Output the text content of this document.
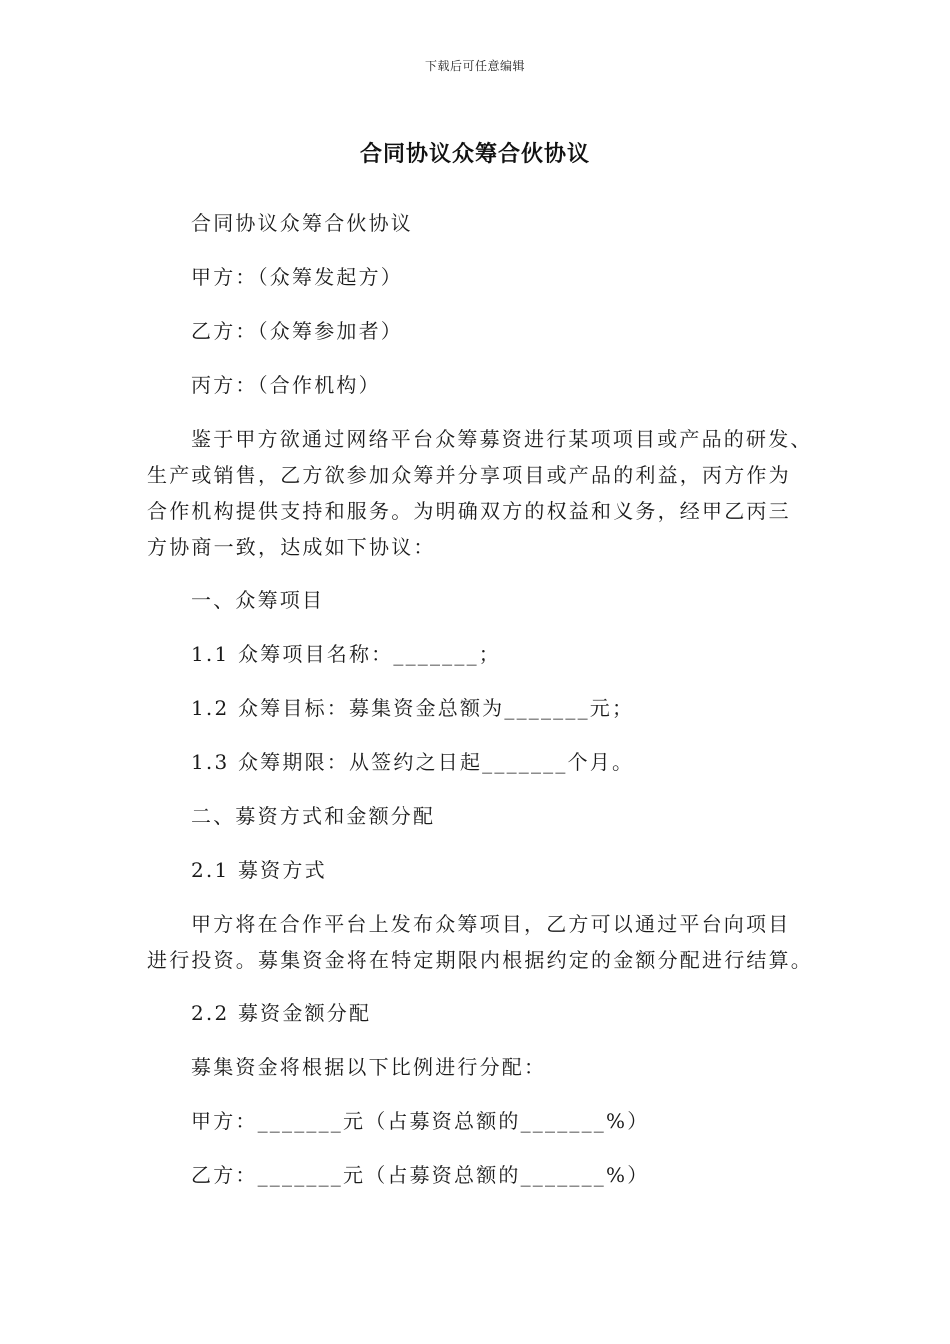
下载后可任意编辑
合同协议众筹合伙协议
合同协议众筹合伙协议
甲方：（众筹发起方）
乙方：（众筹参加者）
丙方：（合作机构）
鉴于甲方欲通过网络平台众筹募资进行某项项目或产品的研发、
生产或销售，乙方欲参加众筹并分享项目或产品的利益，丙方作为
合作机构提供支持和服务。为明确双方的权益和义务，经甲乙丙三
方协商一致，达成如下协议：
一、众筹项目
1.1 众筹项目名称：_______；
1.2 众筹目标：募集资金总额为_______元；
1.3 众筹期限：从签约之日起_______个月。
二、募资方式和金额分配
2.1 募资方式
甲方将在合作平台上发布众筹项目，乙方可以通过平台向项目
进行投资。募集资金将在特定期限内根据约定的金额分配进行结算。
2.2 募资金额分配
募集资金将根据以下比例进行分配：
甲方：_______元（占募资总额的_______%）
乙方：_______元（占募资总额的_______%）
